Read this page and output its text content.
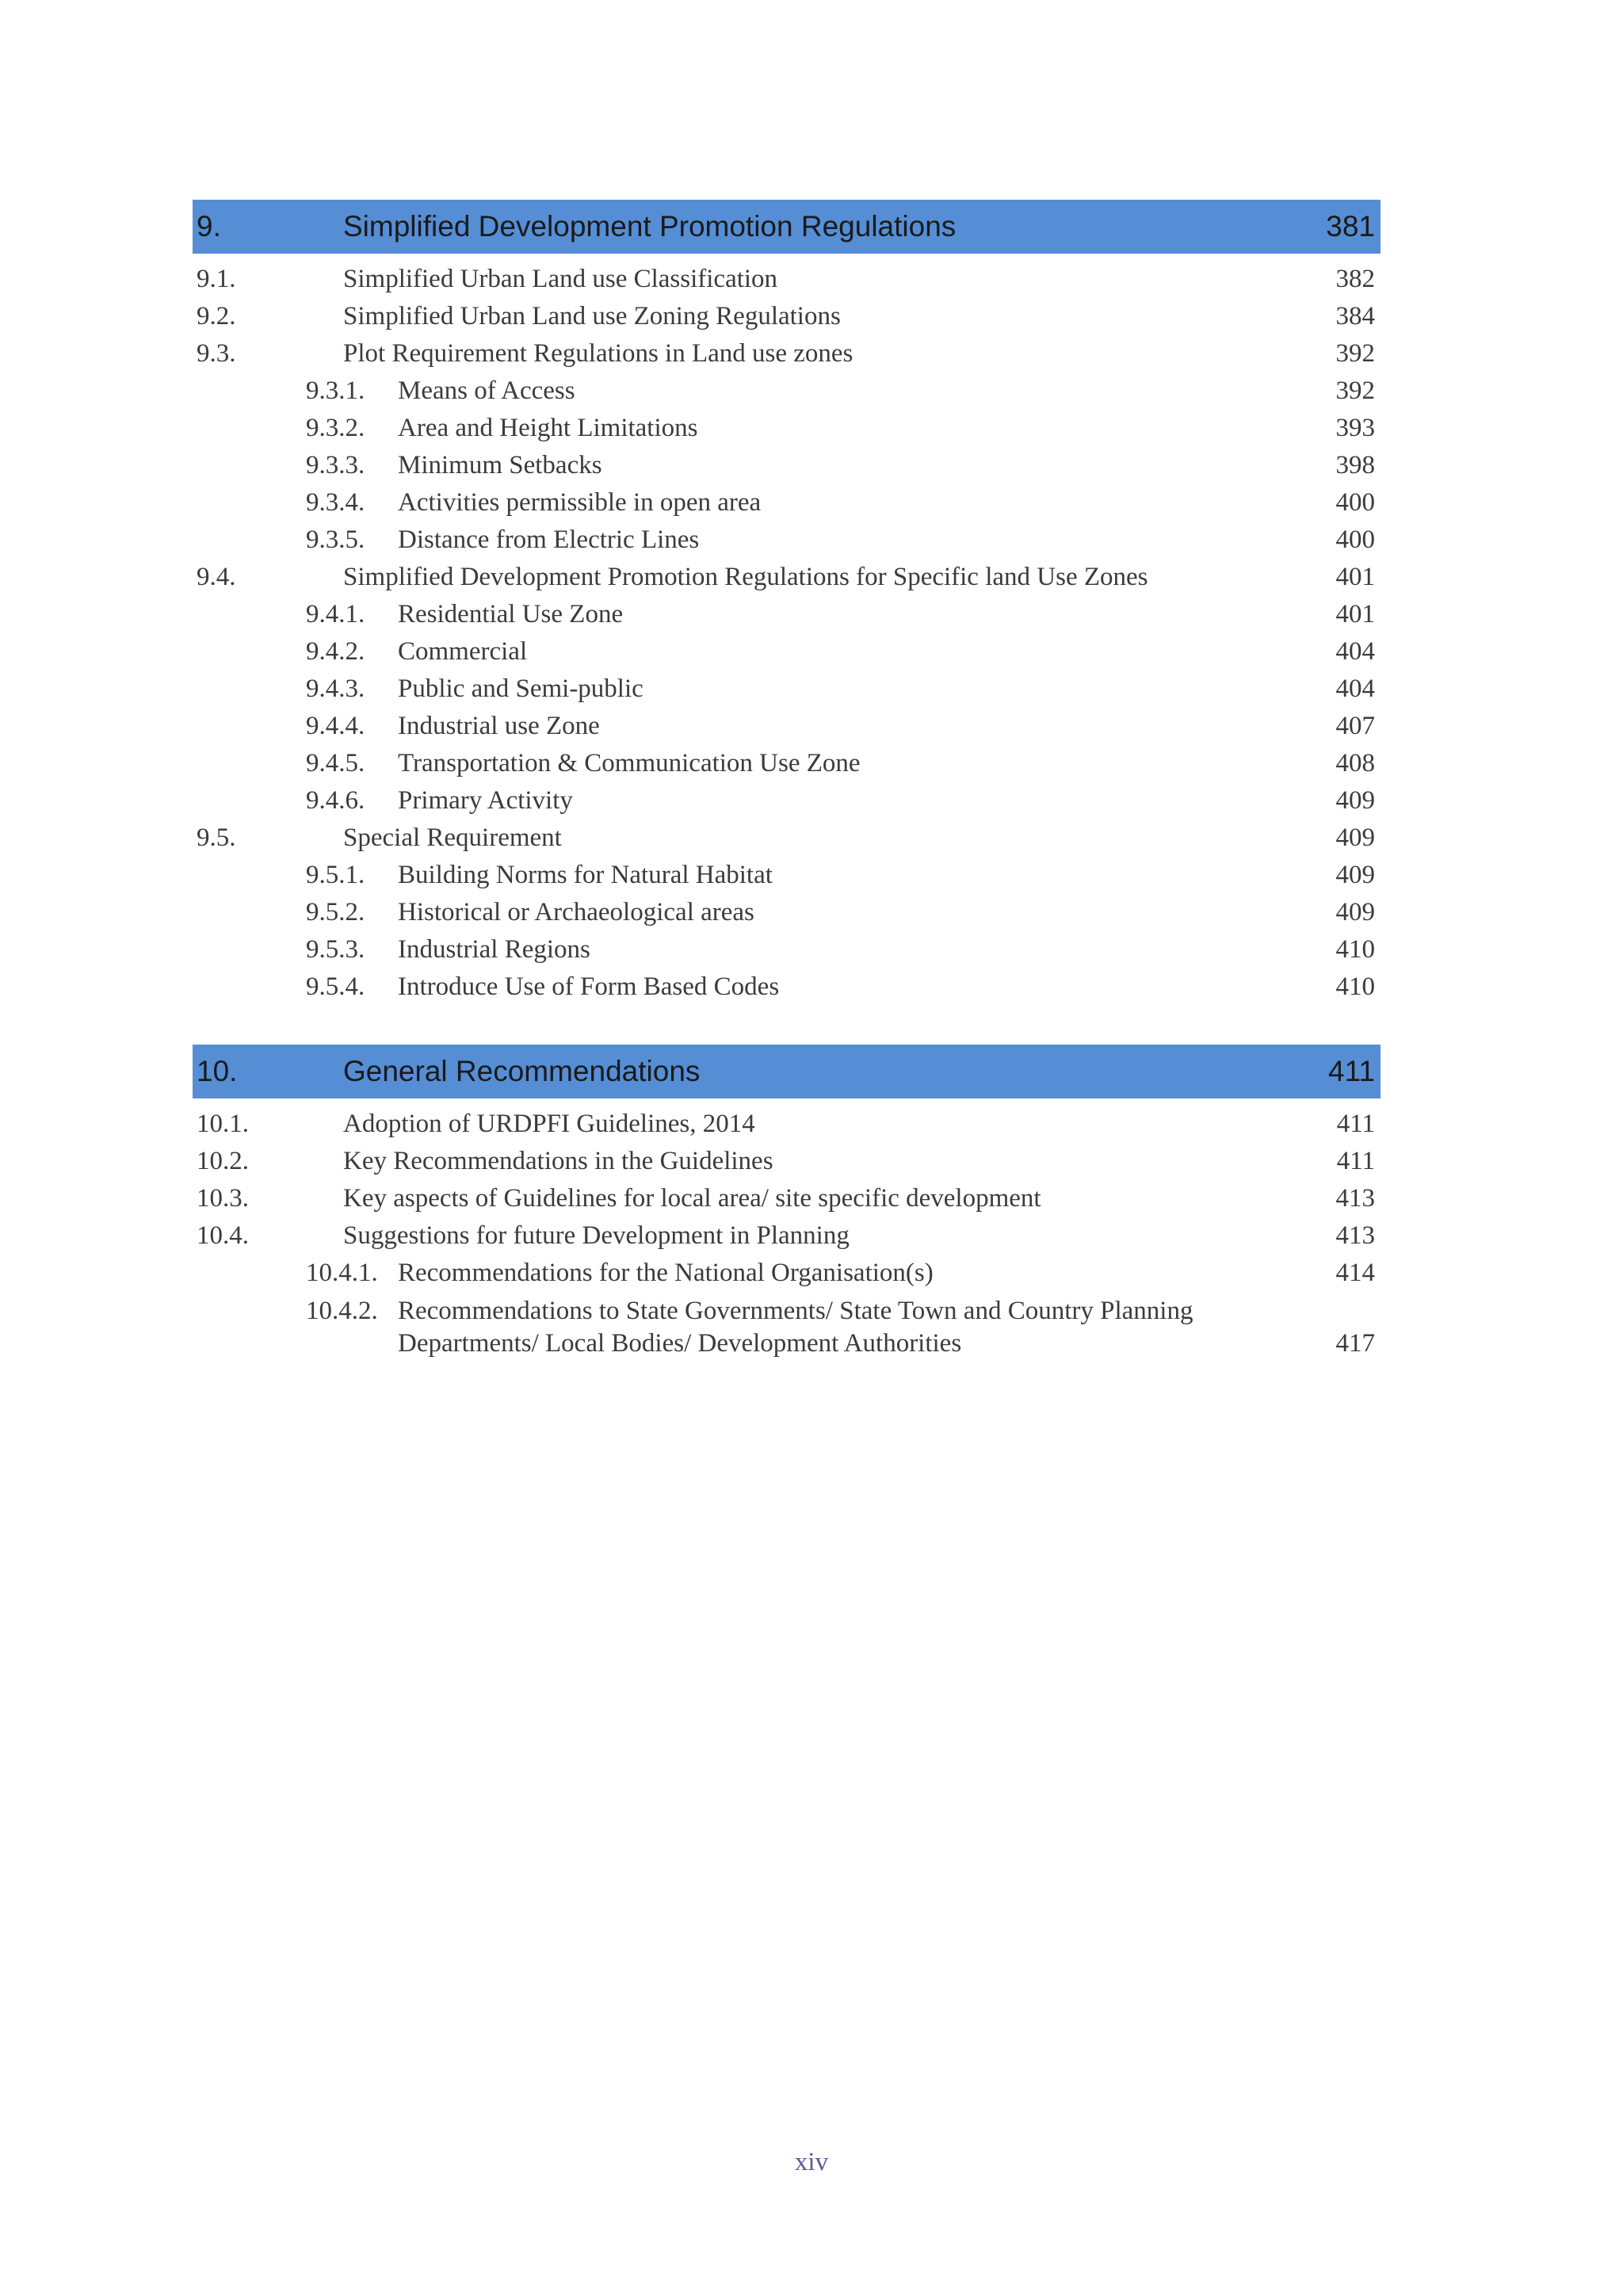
9.	Simplified Development Promotion Regulations	381
9.1.	Simplified Urban Land use Classification	382
9.2.	Simplified Urban Land use Zoning Regulations	384
9.3.	Plot Requirement Regulations in Land use zones	392
9.3.1. Means of Access	392
9.3.2. Area and Height Limitations	393
9.3.3. Minimum Setbacks	398
9.3.4. Activities permissible in open area	400
9.3.5. Distance from Electric Lines	400
9.4.	Simplified Development Promotion Regulations for Specific land Use Zones	401
9.4.1. Residential Use Zone	401
9.4.2. Commercial	404
9.4.3. Public and Semi-public	404
9.4.4. Industrial use Zone	407
9.4.5. Transportation & Communication Use Zone	408
9.4.6. Primary Activity	409
9.5.	Special Requirement	409
9.5.1. Building Norms for Natural Habitat	409
9.5.2. Historical or Archaeological areas	409
9.5.3. Industrial Regions	410
9.5.4. Introduce Use of Form Based Codes	410
10.	General Recommendations	411
10.1.	Adoption of URDPFI Guidelines, 2014	411
10.2.	Key Recommendations in the Guidelines	411
10.3.	Key aspects of Guidelines for local area/ site specific development	413
10.4.	Suggestions for future Development in Planning	413
10.4.1. Recommendations for the National Organisation(s)	414
10.4.2. Recommendations to State Governments/ State Town and Country Planning
Departments/ Local Bodies/ Development Authorities	417
xiv
